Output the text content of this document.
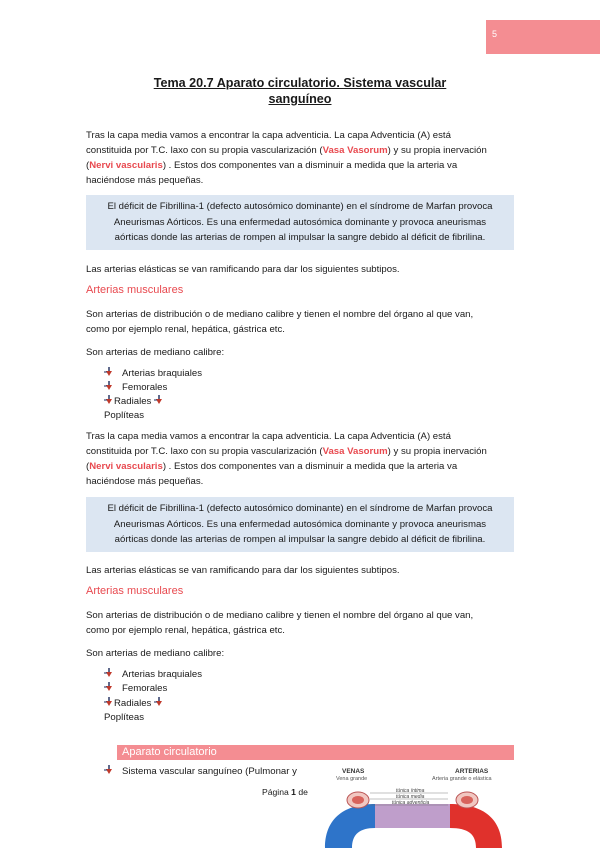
5
Tema 20.7 Aparato circulatorio. Sistema vascular
sanguíneo
Tras la capa media vamos a encontrar la capa adventicia. La capa Adventicia (A) está
constituida por T.C. laxo con su propia vascularización (Vasa Vasorum) y su propia inervación
(Nervi vascularis) . Estos dos componentes van a disminuir a medida que la arteria va
haciéndose más pequeñas.
El déficit de Fibrillina-1 (defecto autosómico dominante) en el síndrome de Marfan provoca
Aneurismas Aórticos. Es una enfermedad autosómica dominante y provoca aneurismas
aórticas donde las arterias de rompen al impulsar la sangre debido al déficit de fibrilina.
Las arterias elásticas se van ramificando para dar los siguientes subtipos.
Arterias musculares
Son arterias de distribución o de mediano calibre y tienen el nombre del órgano al que van,
como por ejemplo renal, hepática, gástrica etc.
Son arterias de mediano calibre:
Arterias braquiales
Femorales
Radiales
Poplíteas
Tras la capa media vamos a encontrar la capa adventicia. La capa Adventicia (A) está
constituida por T.C. laxo con su propia vascularización (Vasa Vasorum) y su propia inervación
(Nervi vascularis) . Estos dos componentes van a disminuir a medida que la arteria va
haciéndose más pequeñas.
El déficit de Fibrillina-1 (defecto autosómico dominante) en el síndrome de Marfan provoca
Aneurismas Aórticos. Es una enfermedad autosómica dominante y provoca aneurismas
aórticas donde las arterias de rompen al impulsar la sangre debido al déficit de fibrilina.
Las arterias elásticas se van ramificando para dar los siguientes subtipos.
Arterias musculares
Son arterias de distribución o de mediano calibre y tienen el nombre del órgano al que van,
como por ejemplo renal, hepática, gástrica etc.
Son arterias de mediano calibre:
Arterias braquiales
Femorales
Radiales
Poplíteas
Aparato circulatorio
Sistema vascular sanguíneo (Pulmonar y	VENAS
Vena grande
ARTERIAS
Arteria grande o elástica
túnica íntima
túnica media
túnica adventicia
Página 1 de
